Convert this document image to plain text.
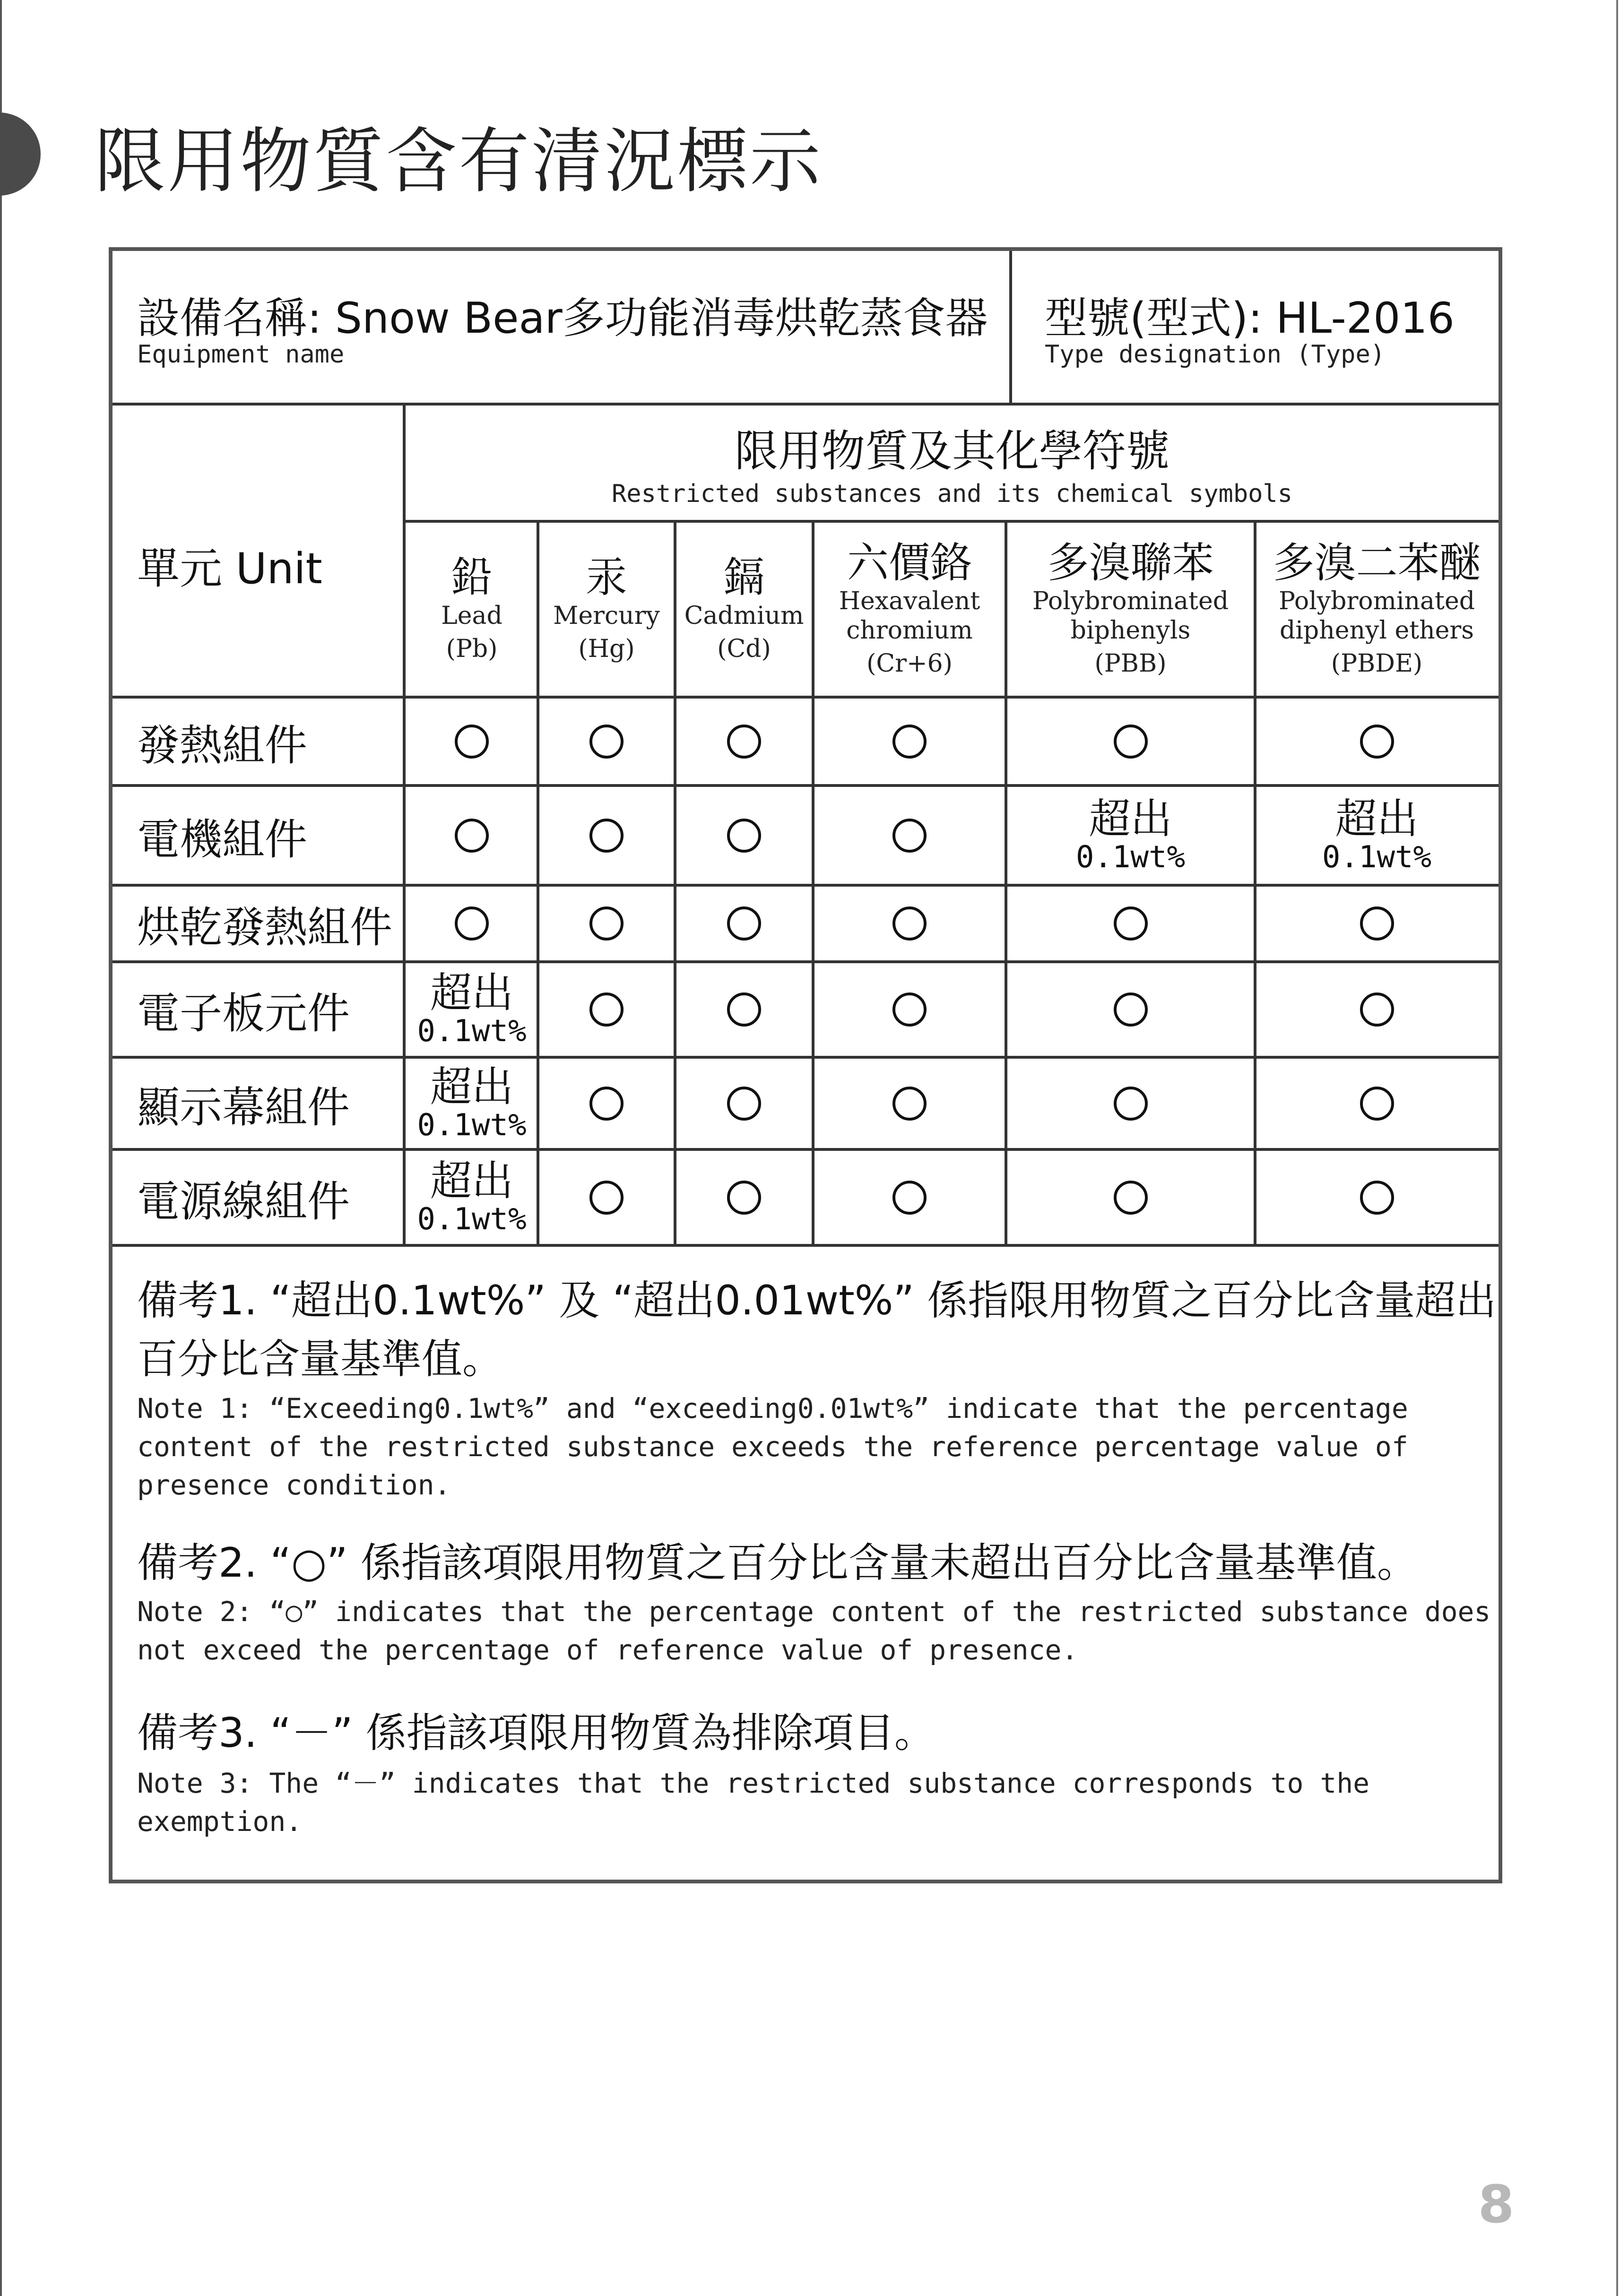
限用物質含有清況標示
設備名稱: Snow Bear多功能消毒烘乾蒸食器
Equipment name
型號(型式): HL-2016
Type designation (Type)
單元 Unit
限用物質及其化學符號
Restricted substances and its chemical symbols
鉛
Lead
(Pb)
汞
Mercury
(Hg)
鎘
Cadmium
(Cd)
六價鉻
Hexavalent
chromium
(Cr+6)
多溴聯苯
Polybrominated
biphenyls
(PBB)
多溴二苯醚
Polybrominated
diphenyl ethers
(PBDE)
發熱組件
電機組件	超出
0.1wt%
超出
0.1wt%
烘乾發熱組件
電子板元件 超出
0.1wt%
顯示幕組件 超出
0.1wt%
電源線組件 超出
0.1wt%
備考1. “超出0.1wt%” 及 “超出0.01wt%” 係指限用物質之百分比含量超出百分比含量基準值。
Note 1: “Exceeding0.1wt%” and “exceeding0.01wt%” indicate that the percentage content of the restricted substance exceeds the reference percentage value of presence condition.
備考2. “○” 係指該項限用物質之百分比含量未超出百分比含量基準值。
Note 2: “○” indicates that the percentage content of the restricted substance does not exceed the percentage of reference value of presence.
備考3. “－” 係指該項限用物質為排除項目。
Note 3: The “－” indicates that the restricted substance corresponds to the exemption.
8
